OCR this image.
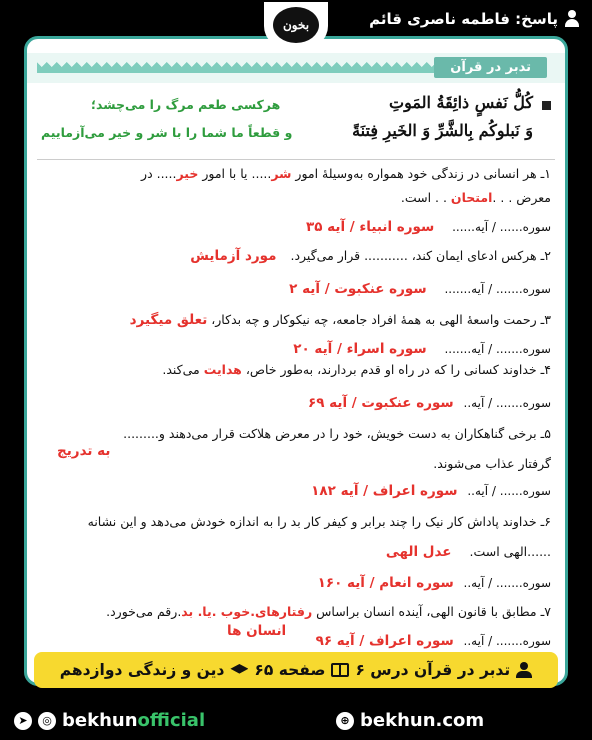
پاسخ: فاطمه ناصری قائم
بخون
تدبر در قرآن
کُلُّ نَفسٍ ذائِقَةُ المَوتِ
وَ نَبلوکُم بِالشَّرِّ وَ الخَیرِ فِتنَةً
هرکسی طعم مرگ را می‌چشد؛
و قطعاً ما شما را با شر و خیر می‌آزماییم
۱ـ هر انسانی در زندگی خود همواره به‌وسیلهٔ امور شر..... یا با امور خیر..... در
معرض . . .امتحان . . است.
سوره...... / آیه...... سوره انبیاء / آیه ۳۵
۲ـ هرکس ادعای ایمان کند، ........... قرار می‌گیرد. مورد آزمایش
سوره....... / آیه....... سوره عنکبوت / آیه ۲
۳ـ رحمت واسعهٔ الهی به همهٔ افراد جامعه، چه نیکوکار و چه بدکار، تعلق میگیرد
سوره....... / آیه....... سوره اسراء / آیه ۲۰
۴ـ خداوند کسانی را که در راه او قدم بردارند، به‌طور خاص، هدایت می‌کند.
سوره....... / آیه.. سوره عنکبوت / آیه ۶۹
۵ـ برخی گناهکاران به دست خویش، خود را در معرض هلاکت قرار می‌دهند و.........
به تدریج
گرفتار عذاب می‌شوند.
سوره...... / آیه.. سوره اعراف / آیه ۱۸۲
۶ـ خداوند پاداش کار نیک را چند برابر و کیفر کار بد را به اندازه خودش می‌دهد و این نشانه
......الهی است. عدل الهی
سوره....... / آیه.. سوره انعام / آیه ۱۶۰
۷ـ مطابق با قانون الهی، آینده انسان براساس رفتارهای.خوب .یا. بد.رقم می‌خورد.
انسان ها
سوره....... / آیه.. سوره اعراف / آیه ۹۶
تدبر در قرآن درس ۶
صفحه ۶۵
دین و زندگی دوازدهم
➤	◎ bekhun official	⊕ bekhun.com
